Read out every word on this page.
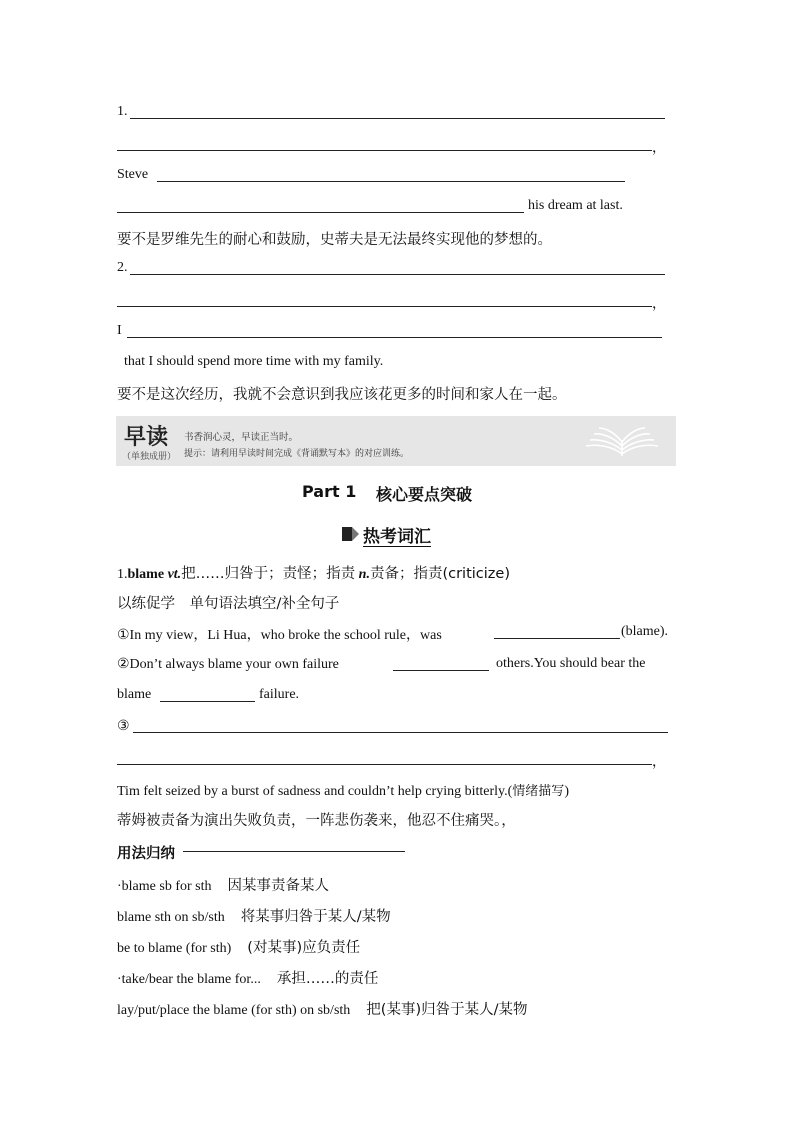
1.
，
Steve
his dream at last.
要不是罗维先生的耐心和鼓励，史蒂夫是无法最终实现他的梦想的。
2.
，
I
that I should spend more time with my family.
要不是这次经历，我就不会意识到我应该花更多的时间和家人在一起。
早读
（单独成册）
书香润心灵，早读正当时。
提示：请利用早读时间完成《背诵默写本》的对应训练。
Part 1 核心要点突破
热考词汇
1.blame vt.把……归咎于；责怪；指责 n.责备；指责(criticize)
以练促学　单句语法填空/补全句子
①In my view，Li Hua，who broke the school rule，was	(blame).
②Don’t always blame your own failure	others.You should bear the
blame	failure.
③
，
Tim felt seized by a burst of sadness and couldn’t help crying bitterly.(情绪描写)
蒂姆被责备为演出失败负责，一阵悲伤袭来，他忍不住痛哭。，
用法归纳
·blame sb for sth 因某事责备某人
blame sth on sb/sth 将某事归咎于某人/某物
be to blame (for sth) (对某事)应负责任
·take/bear the blame for... 承担……的责任
lay/put/place the blame (for sth) on sb/sth 把(某事)归咎于某人/某物
